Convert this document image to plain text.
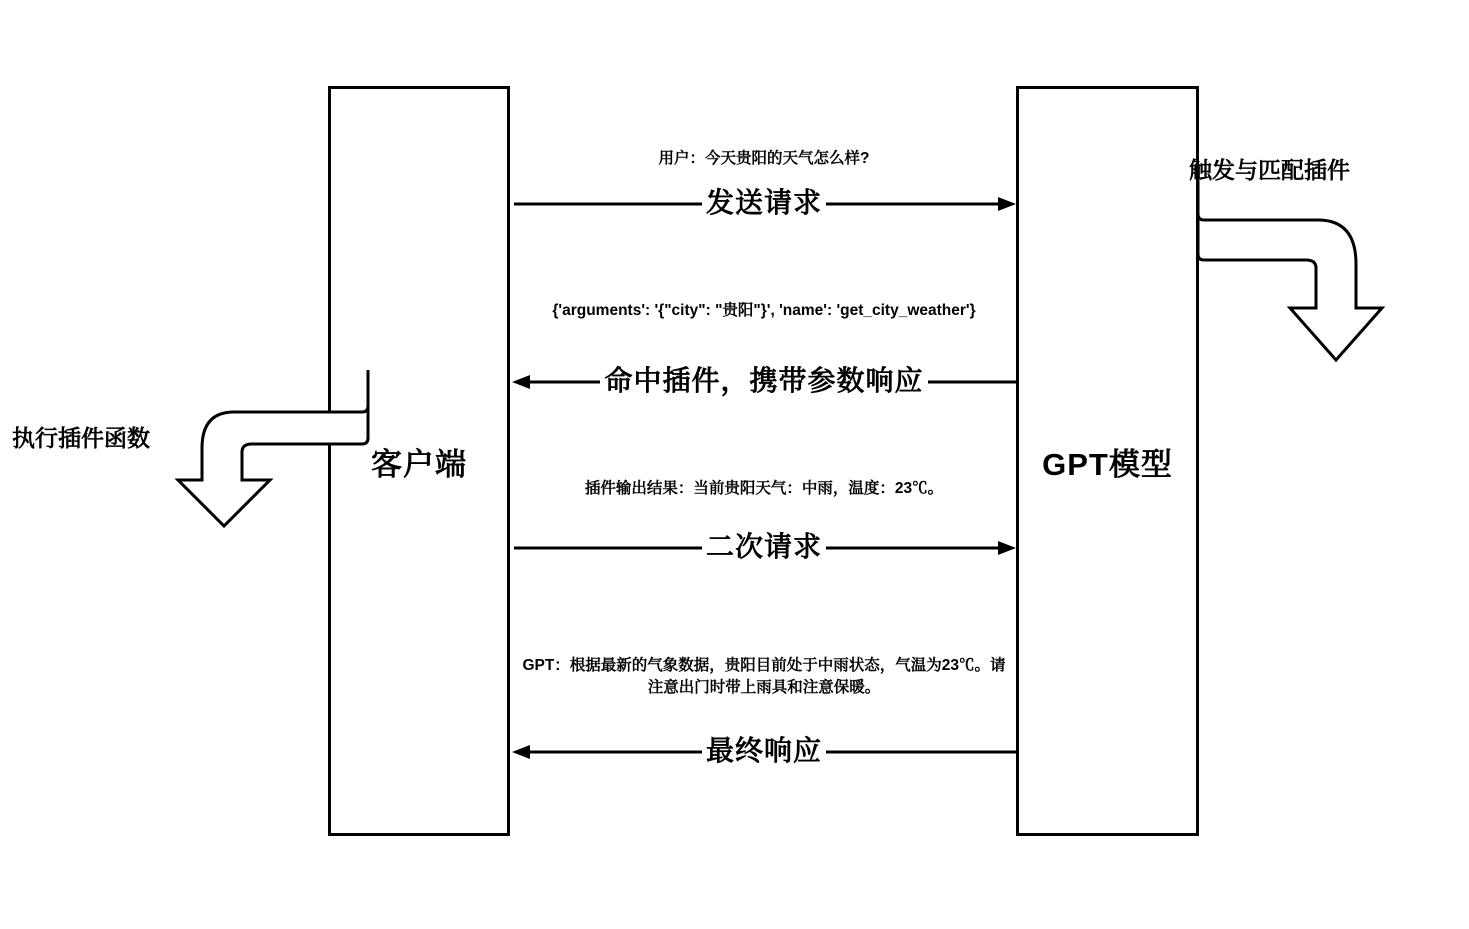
客户端	GPT模型
用户：今天贵阳的天气怎么样?
发送请求
{'arguments': '{"city": "贵阳"}', 'name': 'get_city_weather'}
命中插件，携带参数响应
插件输出结果：当前贵阳天气：中雨，温度：23℃。
二次请求
GPT：根据最新的气象数据，贵阳目前处于中雨状态，气温为23℃。请注意出门时带上雨具和注意保暖。
最终响应
触发与匹配插件
执行插件函数
